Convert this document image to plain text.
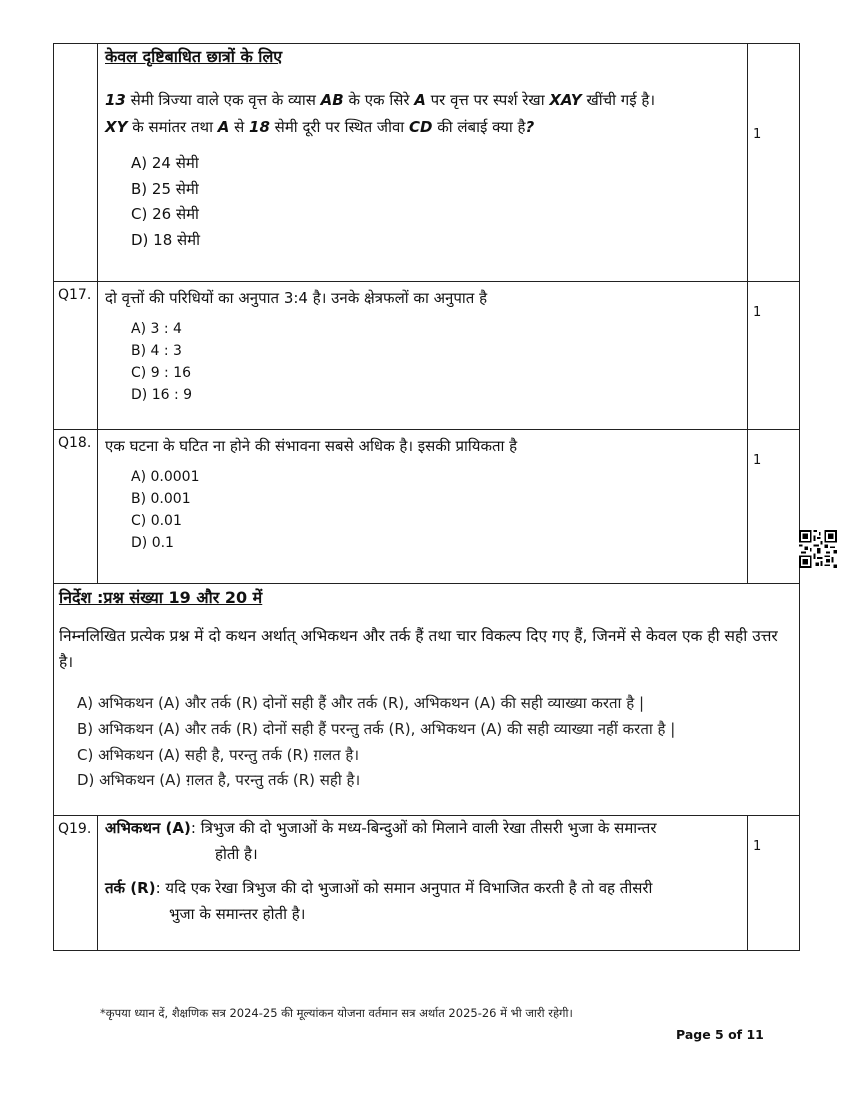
केवल दृष्टिबाधित छात्रों के लिए

13 सेमी त्रिज्या वाले एक वृत्त के व्यास AB के एक सिरे A पर वृत्त पर स्पर्श रेखा XAY खींची गई है।
XY के समांतर तथा A से 18 सेमी दूरी पर स्थित जीवा CD की लंबाई क्या है?

A) 24 सेमी
B) 25 सेमी
C) 26 सेमी
D) 18 सेमी
1
Q17. दो वृत्तों की परिधियों का अनुपात 3:4 है। उनके क्षेत्रफलों का अनुपात है

A) 3 : 4
B) 4 : 3
C) 9 : 16
D) 16 : 9
1
Q18. एक घटना के घटित ना होने की संभावना सबसे अधिक है। इसकी प्रायिकता है

A) 0.0001
B) 0.001
C) 0.01
D) 0.1
1
निर्देश :प्रश्न संख्या 19 और 20 में
निम्नलिखित प्रत्येक प्रश्न में दो कथन अर्थात् अभिकथन और तर्क हैं तथा चार विकल्प दिए गए हैं, जिनमें से केवल एक ही सही उत्तर है।
A) अभिकथन (A) और तर्क (R) दोनों सही हैं और तर्क (R), अभिकथन (A) की सही व्याख्या करता है |
B) अभिकथन (A) और तर्क (R) दोनों सही हैं परन्तु तर्क (R), अभिकथन (A) की सही व्याख्या नहीं करता है |
C) अभिकथन (A) सही है, परन्तु तर्क (R) ग़लत है।
D) अभिकथन (A) ग़लत है, परन्तु तर्क (R) सही है।
Q19. अभिकथन (A): त्रिभुज की दो भुजाओं के मध्य-बिन्दुओं को मिलाने वाली रेखा तीसरी भुजा के समान्तर
होती है।
तर्क (R): यदि एक रेखा त्रिभुज की दो भुजाओं को समान अनुपात में विभाजित करती है तो वह तीसरी
भुजा के समान्तर होती है।
1
*कृपया ध्यान दें, शैक्षणिक सत्र 2024-25 की मूल्यांकन योजना वर्तमान सत्र अर्थात 2025-26 में भी जारी रहेगी।
Page 5 of 11
